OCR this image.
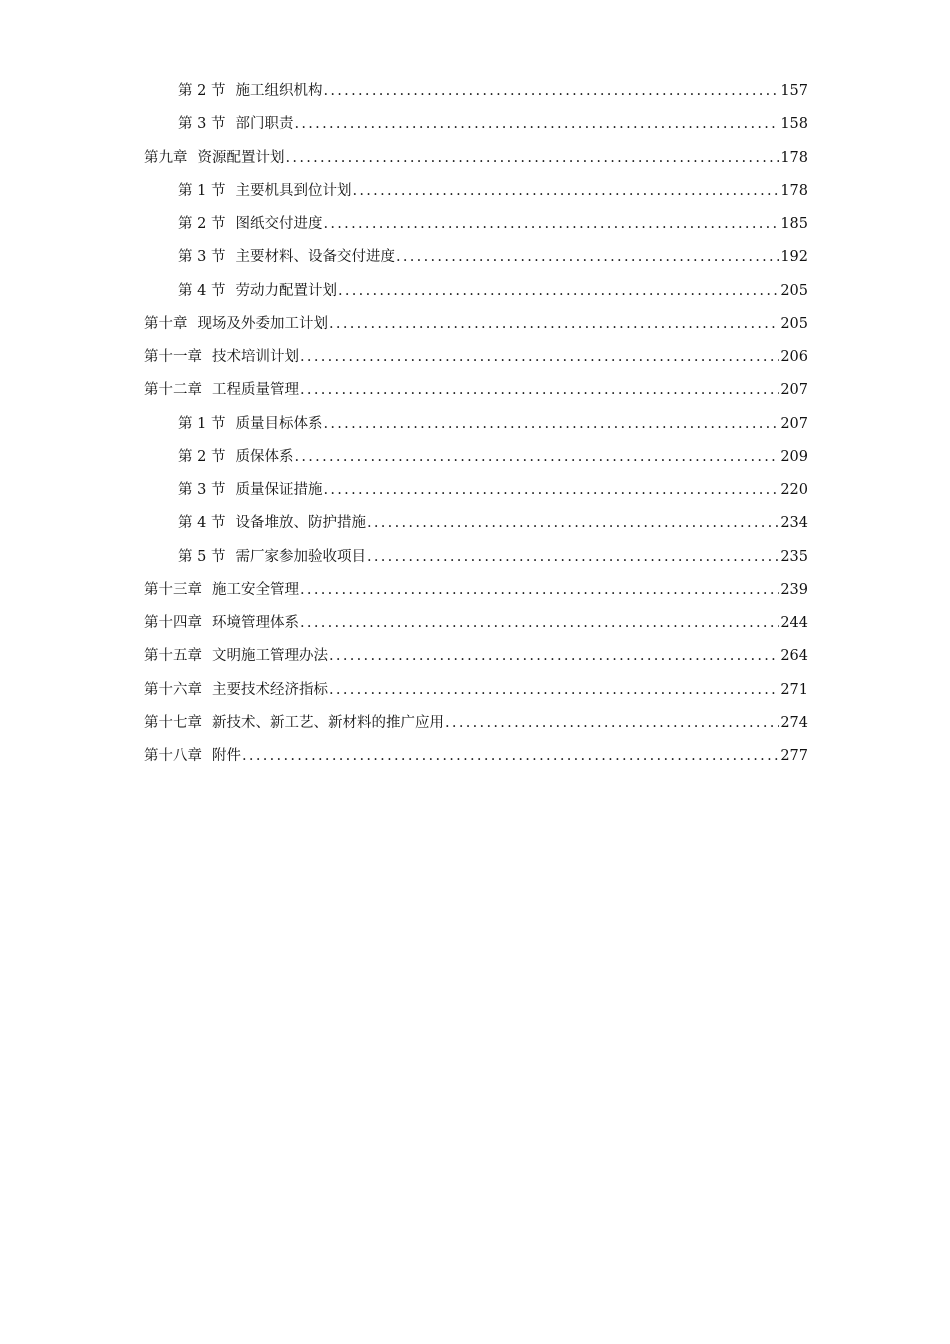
第 2 节 施工组织机构 .....	157
第 3 节 部门职责 .....	158
第九章 资源配置计划 .....	178
第 1 节 主要机具到位计划 .....	178
第 2 节 图纸交付进度 .....	185
第 3 节 主要材料、设备交付进度 .....	192
第 4 节 劳动力配置计划 .....	205
第十章 现场及外委加工计划 .....	205
第十一章 技术培训计划 .....	206
第十二章 工程质量管理 .....	207
第 1 节 质量目标体系 .....	207
第 2 节 质保体系 .....	209
第 3 节 质量保证措施 .....	220
第 4 节 设备堆放、防护措施 .....	234
第 5 节 需厂家参加验收项目 .....	235
第十三章 施工安全管理 .....	239
第十四章 环境管理体系 .....	244
第十五章 文明施工管理办法 .....	264
第十六章 主要技术经济指标 .....	271
第十七章 新技术、新工艺、新材料的推广应用 .....	274
第十八章 附件 .....	277
